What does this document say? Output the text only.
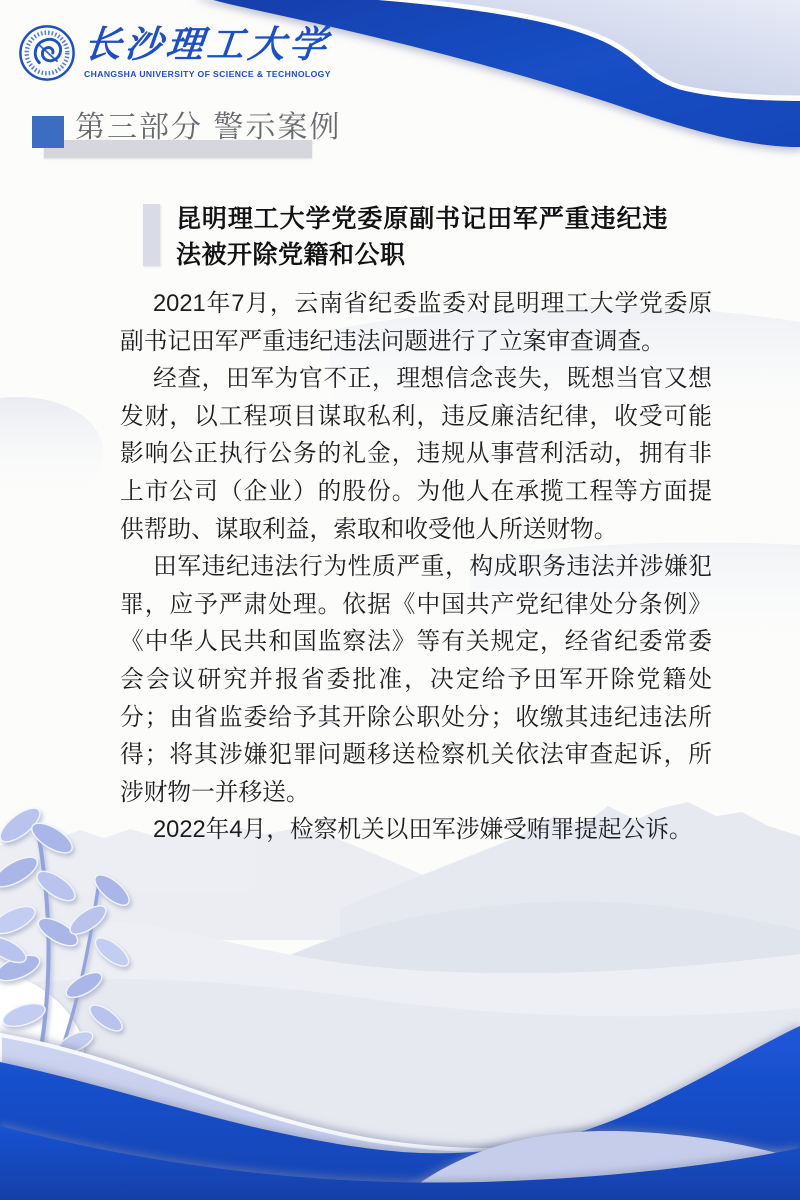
长沙理工大学
CHANGSHA UNIVERSITY OF SCIENCE & TECHNOLOGY
第三部分 警示案例
昆明理工大学党委原副书记田军严重违纪违法被开除党籍和公职

2021年7月，云南省纪委监委对昆明理工大学党委原副书记田军严重违纪违法问题进行了立案审查调查。

经查，田军为官不正，理想信念丧失，既想当官又想发财，以工程项目谋取私利，违反廉洁纪律，收受可能影响公正执行公务的礼金，违规从事营利活动，拥有非上市公司（企业）的股份。为他人在承揽工程等方面提供帮助、谋取利益，索取和收受他人所送财物。

田军违纪违法行为性质严重，构成职务违法并涉嫌犯罪，应予严肃处理。依据《中国共产党纪律处分条例》《中华人民共和国监察法》等有关规定，经省纪委常委会会议研究并报省委批准，决定给予田军开除党籍处分；由省监委给予其开除公职处分；收缴其违纪违法所得；将其涉嫌犯罪问题移送检察机关依法审查起诉，所涉财物一并移送。

2022年4月，检察机关以田军涉嫌受贿罪提起公诉。
